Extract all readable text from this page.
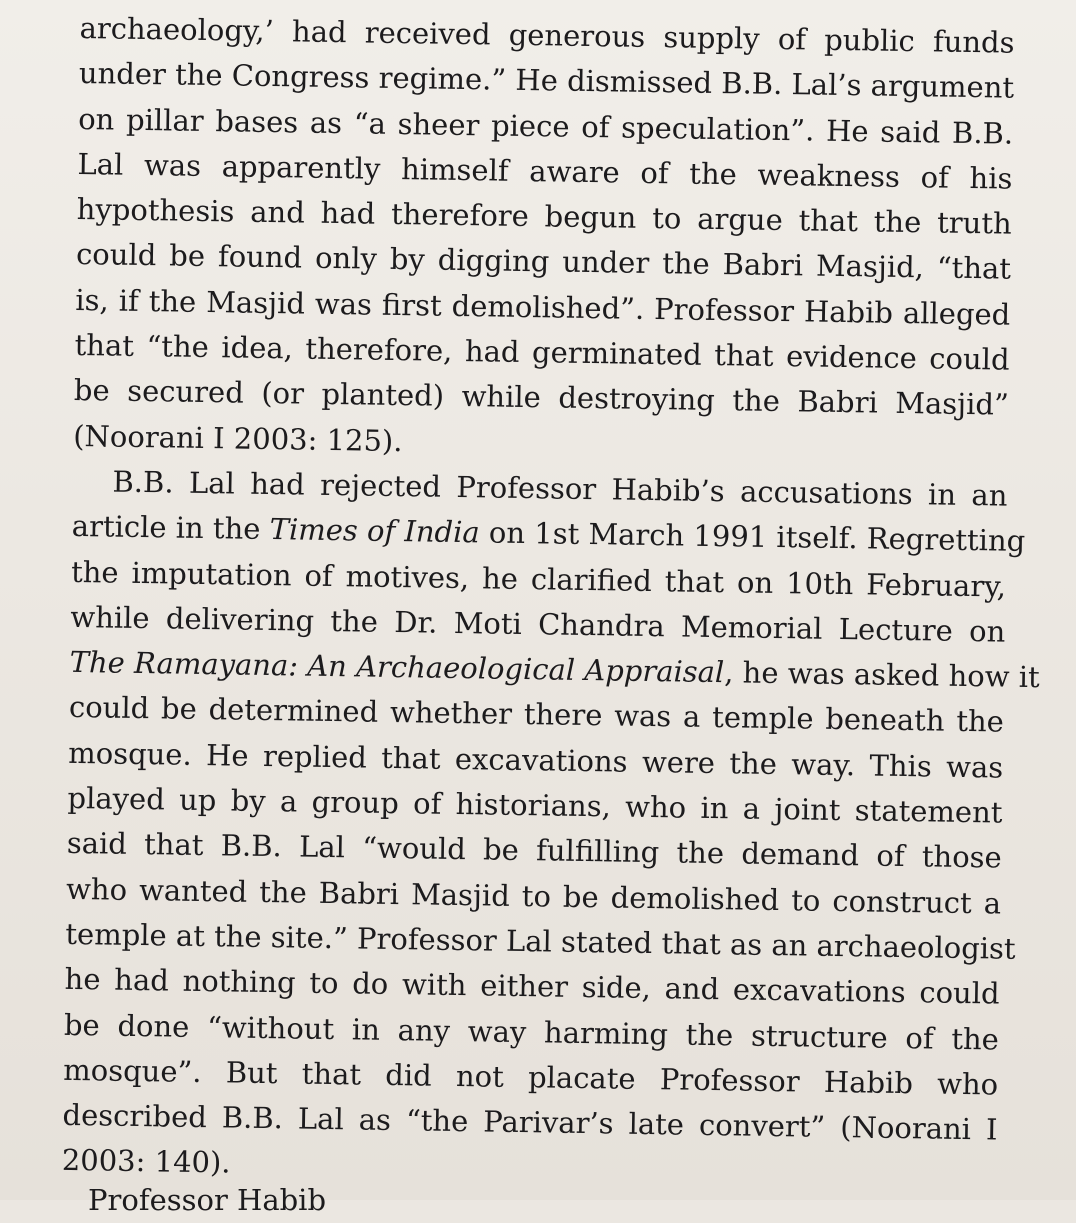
archaeology,’ had received generous supply of public funds
under the Congress regime.” He dismissed B.B. Lal’s argument
on pillar bases as “a sheer piece of speculation”. He said B.B.
Lal was apparently himself aware of the weakness of his
hypothesis and had therefore begun to argue that the truth
could be found only by digging under the Babri Masjid, “that
is, if the Masjid was first demolished”. Professor Habib alleged
that “the idea, therefore, had germinated that evidence could
be secured (or planted) while destroying the Babri Masjid”
(Noorani I 2003: 125).
B.B. Lal had rejected Professor Habib’s accusations in an
article in the Times of India on 1st March 1991 itself. Regretting
the imputation of motives, he clarified that on 10th February,
while delivering the Dr. Moti Chandra Memorial Lecture on
The Ramayana: An Archaeological Appraisal, he was asked how it
could be determined whether there was a temple beneath the
mosque. He replied that excavations were the way. This was
played up by a group of historians, who in a joint statement
said that B.B. Lal “would be fulfilling the demand of those
who wanted the Babri Masjid to be demolished to construct a
temple at the site.” Professor Lal stated that as an archaeologist
he had nothing to do with either side, and excavations could
be done “without in any way harming the structure of the
mosque”. But that did not placate Professor Habib who
described B.B. Lal as “the Parivar’s late convert” (Noorani I
2003: 140).
Professor Habib
